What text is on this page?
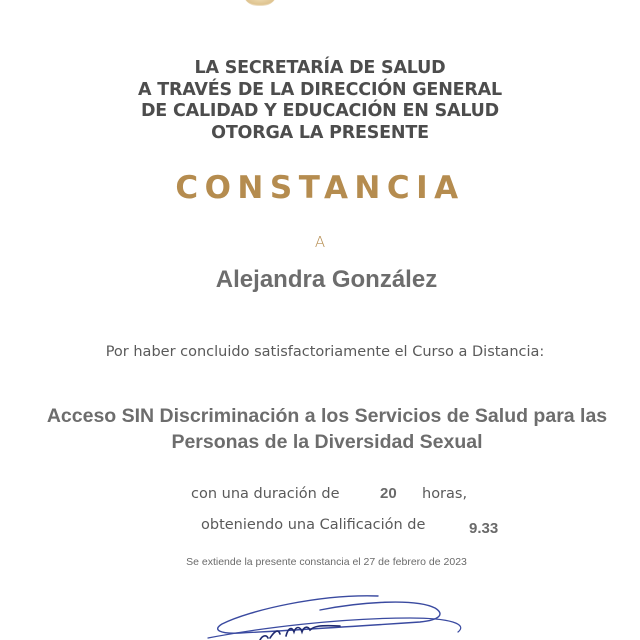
LA SECRETARÍA DE SALUD
A TRAVÉS DE LA DIRECCIÓN GENERAL
DE CALIDAD Y EDUCACIÓN EN SALUD
OTORGA LA PRESENTE
CONSTANCIA
A
Alejandra González
Por haber concluido satisfactoriamente el Curso a Distancia:
Acceso SIN Discriminación a los Servicios de Salud para las
Personas de la Diversidad Sexual
con una duración de	20 horas,
obteniendo una Calificación de	9.33
Se extiende la presente constancia el 27 de febrero de 2023
